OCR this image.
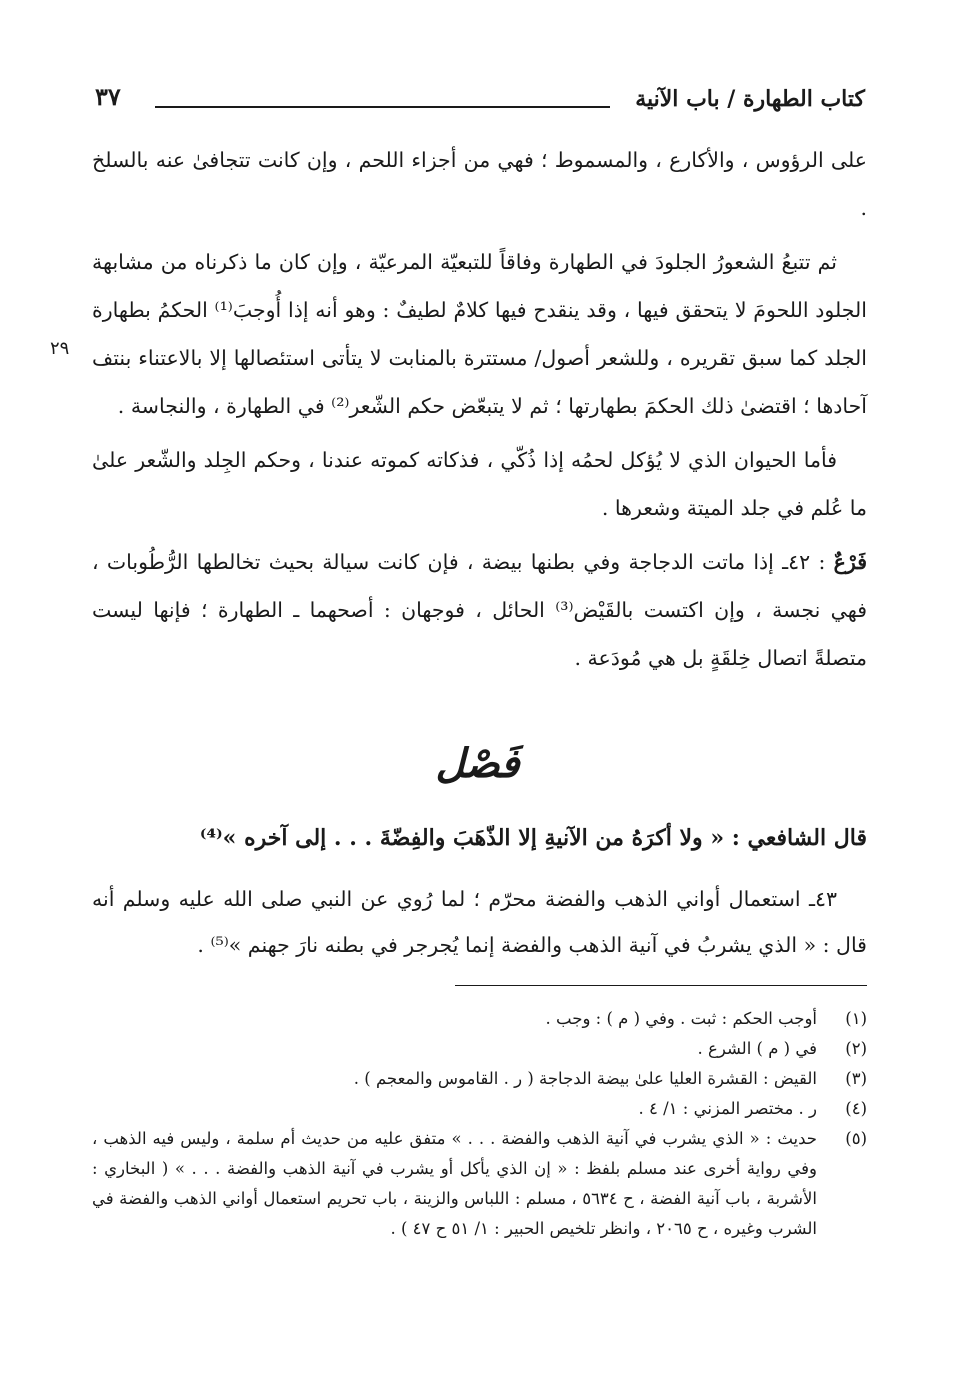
٣٧	كتاب الطهارة / باب الآنية
٢٩

على الرؤوس ، والأكارع ، والمسموط ؛ فهي من أجزاء اللحم ، وإن كانت تتجافىٰ عنه بالسلخ .

ثم تتبعُ الشعورُ الجلودَ في الطهارة وفاقاً للتبعيّة المرعيّة ، وإن كان ما ذكرناه من مشابهة الجلود اللحومَ لا يتحقق فيها ، وقد ينقدح فيها كلامٌ لطيفٌ : وهو أنه إذا أُوجبَ⁽¹⁾ الحكمُ بطهارة الجلد كما سبق تقريره ، وللشعر أصول/ مستترة بالمنابت لا يتأتى استئصالها إلا بالاعتناء بنتف آحادها ؛ اقتضىٰ ذلك الحكمَ بطهارتها ؛ ثم لا يتبعّض حكم الشّعر⁽²⁾ في الطهارة ، والنجاسة .

فأما الحيوان الذي لا يُؤكل لحمُه إذا ذُكّي ، فذكاته كموته عندنا ، وحكم الجِلد والشّعر علىٰ ما عُلم في جلد الميتة وشعرها .

فَرْعٌ : ٤٢ـ إذا ماتت الدجاجة وفي بطنها بيضة ، فإن كانت سيالة بحيث تخالطها الرُّطُوبات ، فهي نجسة ، وإن اكتست بالقَيْض⁽³⁾ الحائل ، فوجهان : أصحهما ـ الطهارة ؛ فإنها ليست متصلةً اتصال خِلقَةٍ بل هي مُودَعة .

فَصْل
قال الشافعي : « ولا أكرَهُ من الآنيةِ إلا الذّهَبَ والفِضّةَ . . . إلى آخره »⁽⁴⁾

٤٣ـ استعمال أواني الذهب والفضة محرّم ؛ لما رُوي عن النبي صلى الله عليه وسلم أنه قال : « الذي يشربُ في آنية الذهب والفضة إنما يُجرجر في بطنه نارَ جهنم »⁽⁵⁾ .

(١)
أوجب الحكم : ثبت . وفي ( م ) : وجب .

(٢)
في ( م ) الشرع .

(٣)
القيض : القشرة العليا علىٰ بيضة الدجاجة ( ر . القاموس والمعجم ) .

(٤)
ر . مختصر المزني : ١/ ٤ .

(٥)
حديث : « الذي يشرب في آنية الذهب والفضة . . . » متفق عليه من حديث أم سلمة ، وليس فيه الذهب ، وفي رواية أخرى عند مسلم بلفظ : « إن الذي يأكل أو يشرب في آنية الذهب والفضة . . . » ( البخاري : الأشربة ، باب آنية الفضة ، ح ٥٦٣٤ ، مسلم : اللباس والزينة ، باب تحريم استعمال أواني الذهب والفضة في الشرب وغيره ، ح ٢٠٦٥ ، وانظر تلخيص الحبير : ١/ ٥١ ح ٤٧ ) .
